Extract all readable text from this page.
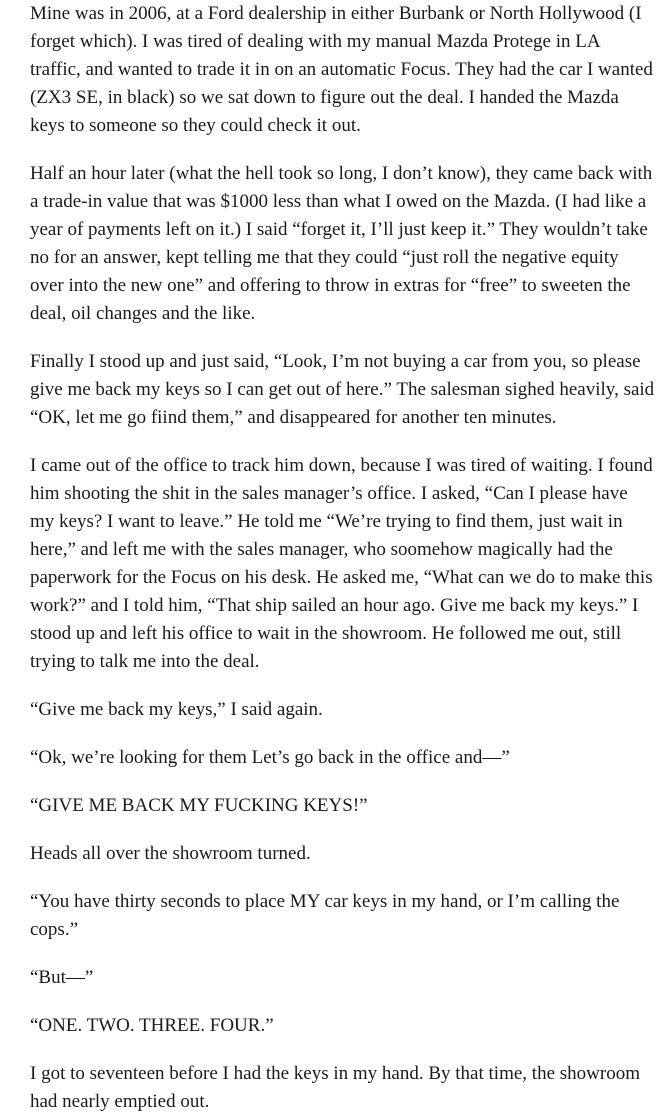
Mine was in 2006, at a Ford dealership in either Burbank or North Hollywood (I forget which). I was tired of dealing with my manual Mazda Protege in LA traffic, and wanted to trade it in on an automatic Focus. They had the car I wanted (ZX3 SE, in black) so we sat down to figure out the deal. I handed the Mazda keys to someone so they could check it out.

Half an hour later (what the hell took so long, I don’t know), they came back with a trade-in value that was $1000 less than what I owed on the Mazda. (I had like a year of payments left on it.) I said “forget it, I’ll just keep it.” They wouldn’t take no for an answer, kept telling me that they could “just roll the negative equity over into the new one” and offering to throw in extras for “free” to sweeten the deal, oil changes and the like.

Finally I stood up and just said, “Look, I’m not buying a car from you, so please give me back my keys so I can get out of here.” The salesman sighed heavily, said “OK, let me go fiind them,” and disappeared for another ten minutes.

I came out of the office to track him down, because I was tired of waiting. I found him shooting the shit in the sales manager’s office. I asked, “Can I please have my keys? I want to leave.” He told me “We’re trying to find them, just wait in here,” and left me with the sales manager, who soomehow magically had the paperwork for the Focus on his desk. He asked me, “What can we do to make this work?” and I told him, “That ship sailed an hour ago. Give me back my keys.” I stood up and left his office to wait in the showroom. He followed me out, still trying to talk me into the deal.

“Give me back my keys,” I said again.

“Ok, we’re looking for them Let’s go back in the office and—”

“GIVE ME BACK MY FUCKING KEYS!”

Heads all over the showroom turned.

“You have thirty seconds to place MY car keys in my hand, or I’m calling the cops.”

“But—”

“ONE. TWO. THREE. FOUR.”

I got to seventeen before I had the keys in my hand. By that time, the showroom had nearly emptied out.
